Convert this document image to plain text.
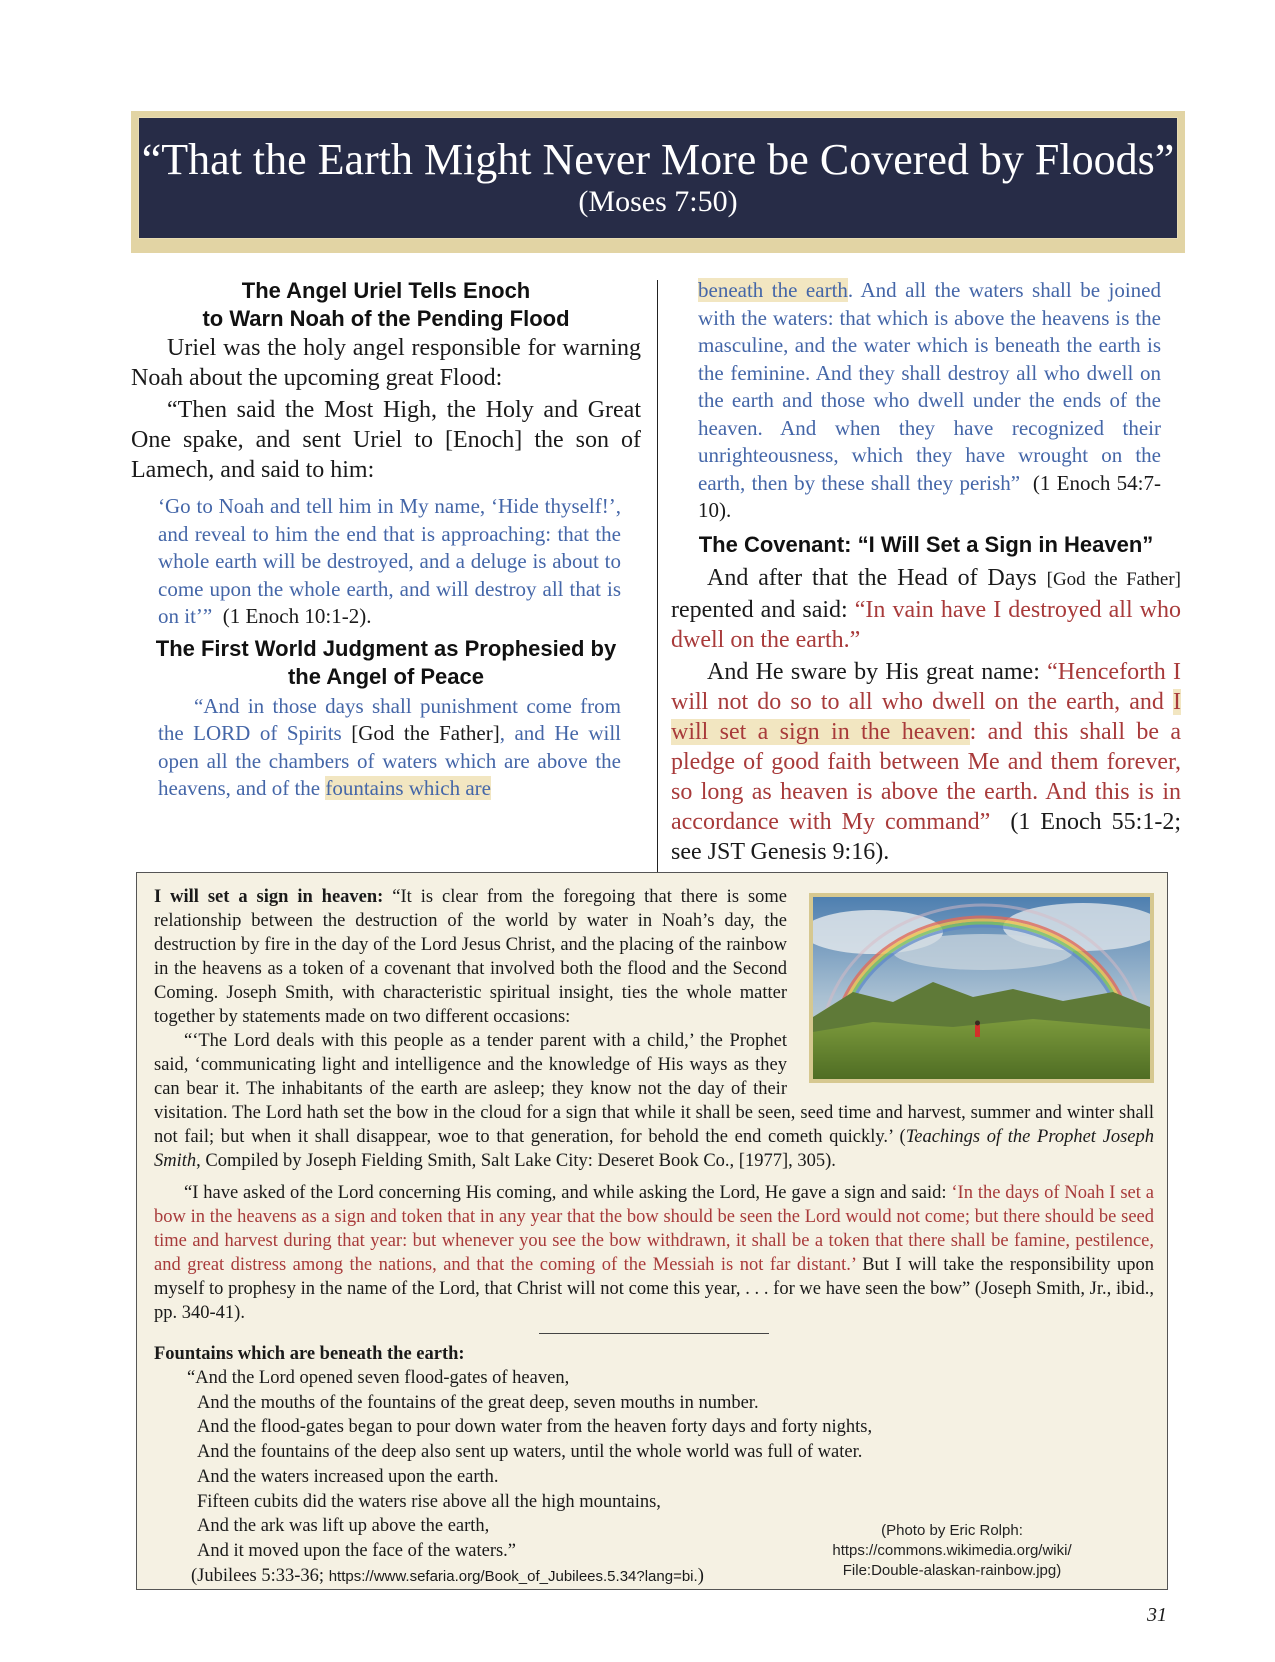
“That the Earth Might Never More be Covered by Floods”
(Moses 7:50)
The Angel Uriel Tells Enoch
to Warn Noah of the Pending Flood

Uriel was the holy angel responsible for warning Noah about the upcoming great Flood:

“Then said the Most High, the Holy and Great One spake, and sent Uriel to [Enoch] the son of Lamech, and said to him:

‘Go to Noah and tell him in My name, ‘Hide thyself!’, and reveal to him the end that is approaching: that the whole earth will be destroyed, and a deluge is about to come upon the whole earth, and will destroy all that is on it’” (1 Enoch 10:1-2).

The First World Judgment as Prophesied by
the Angel of Peace

“And in those days shall punishment come from the LORD of Spirits [God the Father], and He will open all the chambers of waters which are above the heavens, and of the fountains which are

beneath the earth. And all the waters shall be joined with the waters: that which is above the heavens is the masculine, and the water which is beneath the earth is the feminine. And they shall destroy all who dwell on the earth and those who dwell under the ends of the heaven. And when they have recognized their unrighteousness, which they have wrought on the earth, then by these shall they perish” (1 Enoch 54:7-10).

The Covenant: “I Will Set a Sign in Heaven”

And after that the Head of Days [God the Father] repented and said: “In vain have I destroyed all who dwell on the earth.”

And He sware by His great name: “Henceforth I will not do so to all who dwell on the earth, and I will set a sign in the heaven: and this shall be a pledge of good faith between Me and them forever, so long as heaven is above the earth. And this is in accordance with My command” (1 Enoch 55:1-2; see JST Genesis 9:16).

I will set a sign in heaven: “It is clear from the foregoing that there is some relationship between the destruction of the world by water in Noah’s day, the destruction by fire in the day of the Lord Jesus Christ, and the placing of the rainbow in the heavens as a token of a covenant that involved both the flood and the Second Coming. Joseph Smith, with characteristic spiritual insight, ties the whole matter together by statements made on two different occasions:

“‘The Lord deals with this people as a tender parent with a child,’ the Prophet said, ‘communicating light and intelligence and the knowledge of His ways as they can bear it. The inhabitants of the earth are asleep; they know not the day of their visitation. The Lord hath set the bow in the cloud for a sign that while it shall be seen, seed time and harvest, summer and winter shall not fail; but when it shall disappear, woe to that generation, for behold the end cometh quickly.’ (Teachings of the Prophet Joseph Smith, Compiled by Joseph Fielding Smith, Salt Lake City: Deseret Book Co., [1977], 305).

“I have asked of the Lord concerning His coming, and while asking the Lord, He gave a sign and said: ‘In the days of Noah I set a bow in the heavens as a sign and token that in any year that the bow should be seen the Lord would not come; but there should be seed time and harvest during that year: but whenever you see the bow withdrawn, it shall be a token that there shall be famine, pestilence, and great distress among the nations, and that the coming of the Messiah is not far distant.’ But I will take the responsibility upon myself to prophesy in the name of the Lord, that Christ will not come this year, . . . for we have seen the bow” (Joseph Smith, Jr., ibid., pp. 340-41).

Fountains which are beneath the earth:

“And the Lord opened seven flood-gates of heaven,
And the mouths of the fountains of the great deep, seven mouths in number.
And the flood-gates began to pour down water from the heaven forty days and forty nights,
And the fountains of the deep also sent up waters, until the whole world was full of water.
And the waters increased upon the earth.
Fifteen cubits did the waters rise above all the high mountains,
And the ark was lift up above the earth,
And it moved upon the face of the waters.”
(Jubilees 5:33-36; https://www.sefaria.org/Book_of_Jubilees.5.34?lang=bi.)
(Photo by Eric Rolph:
https://commons.wikimedia.org/wiki/
File:Double-alaskan-rainbow.jpg)
31
